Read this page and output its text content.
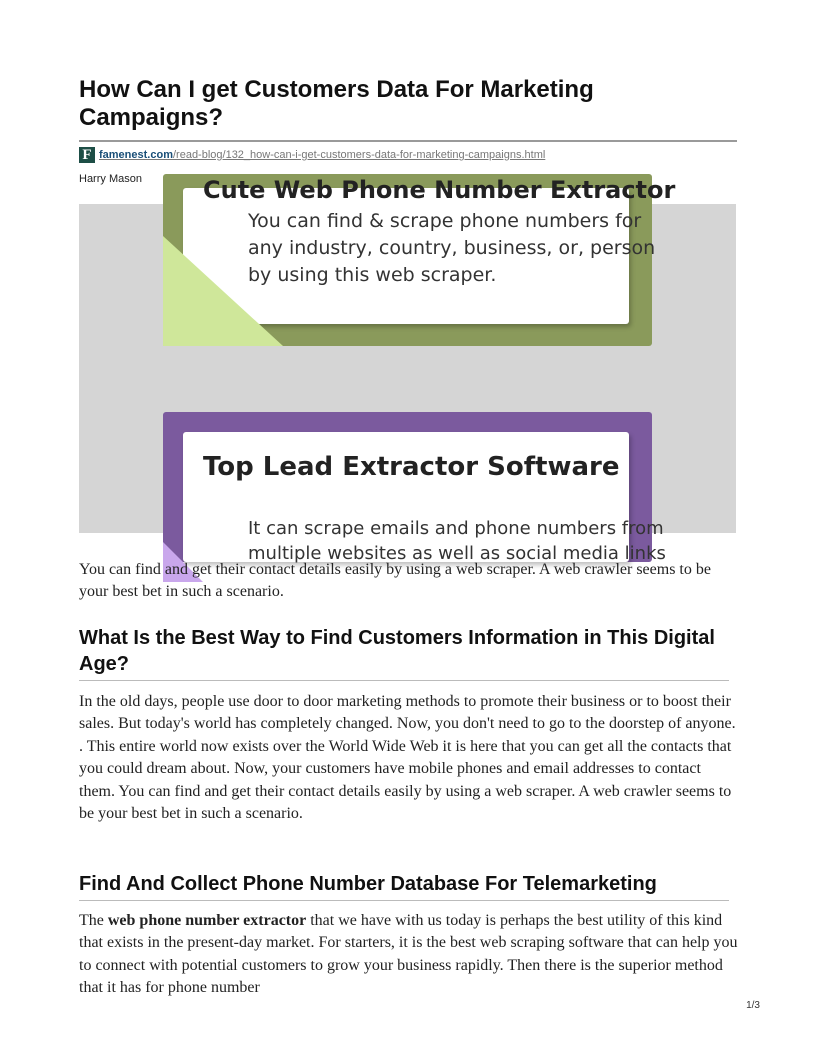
How Can I get Customers Data For Marketing Campaigns?
F famenest.com/read-blog/132_how-can-i-get-customers-data-for-marketing-campaigns.html
Harry Mason	Cute Web Phone Number Extractor
You can find & scrape phone numbers for any industry, country, business, or, person by using this web scraper.
Top Lead Extractor Software
It can scrape emails and phone numbers from multiple websites as well as social media links

You can find and get their contact details easily by using a web scraper. A web crawler seems to be your best bet in such a scenario.

What Is the Best Way to Find Customers Information in This Digital Age?

In the old days, people use door to door marketing methods to promote their business or to boost their sales. But today's world has completely changed. Now, you don't need to go to the doorstep of anyone. . This entire world now exists over the World Wide Web it is here that you can get all the contacts that you could dream about. Now, your customers have mobile phones and email addresses to contact them. You can find and get their contact details easily by using a web scraper. A web crawler seems to be your best bet in such a scenario.

Find And Collect Phone Number Database For Telemarketing

The web phone number extractor that we have with us today is perhaps the best utility of this kind that exists in the present-day market. For starters, it is the best web scraping software that can help you to connect with potential customers to grow your business rapidly. Then there is the superior method that it has for phone number

1/3
